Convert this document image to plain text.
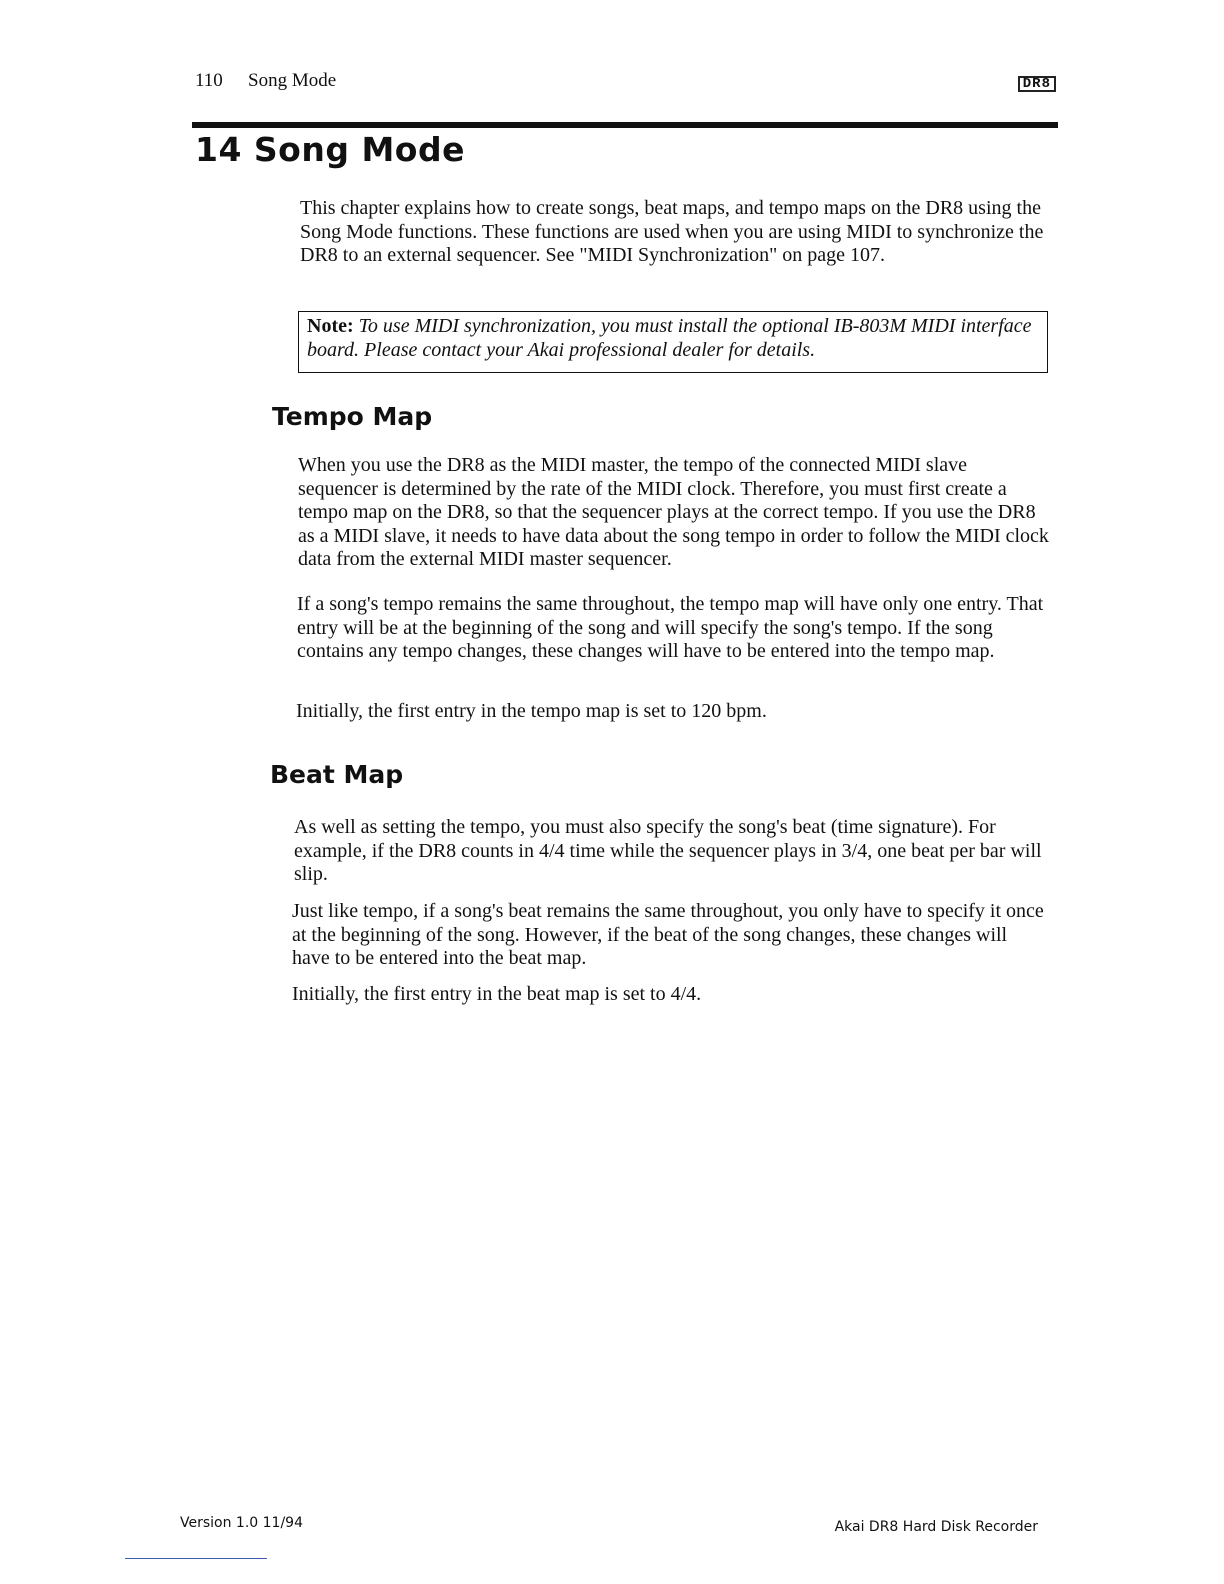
110 Song Mode	DR8
14 Song Mode

This chapter explains how to create songs, beat maps, and tempo maps on the DR8 using the Song Mode functions. These functions are used when you are using MIDI to synchronize the DR8 to an external sequencer. See "MIDI Synchronization" on page 107.

Note: To use MIDI synchronization, you must install the optional IB-803M MIDI interface board. Please contact your Akai professional dealer for details.
Tempo Map

When you use the DR8 as the MIDI master, the tempo of the connected MIDI slave sequencer is determined by the rate of the MIDI clock. Therefore, you must first create a tempo map on the DR8, so that the sequencer plays at the correct tempo. If you use the DR8 as a MIDI slave, it needs to have data about the song tempo in order to follow the MIDI clock data from the external MIDI master sequencer.

If a song's tempo remains the same throughout, the tempo map will have only one entry. That entry will be at the beginning of the song and will specify the song's tempo. If the song contains any tempo changes, these changes will have to be entered into the tempo map.

Initially, the first entry in the tempo map is set to 120 bpm.

Beat Map

As well as setting the tempo, you must also specify the song's beat (time signature). For example, if the DR8 counts in 4/4 time while the sequencer plays in 3/4, one beat per bar will slip.

Just like tempo, if a song's beat remains the same throughout, you only have to specify it once at the beginning of the song. However, if the beat of the song changes, these changes will have to be entered into the beat map.

Initially, the first entry in the beat map is set to 4/4.

Version 1.0 11/94	Akai DR8 Hard Disk Recorder
